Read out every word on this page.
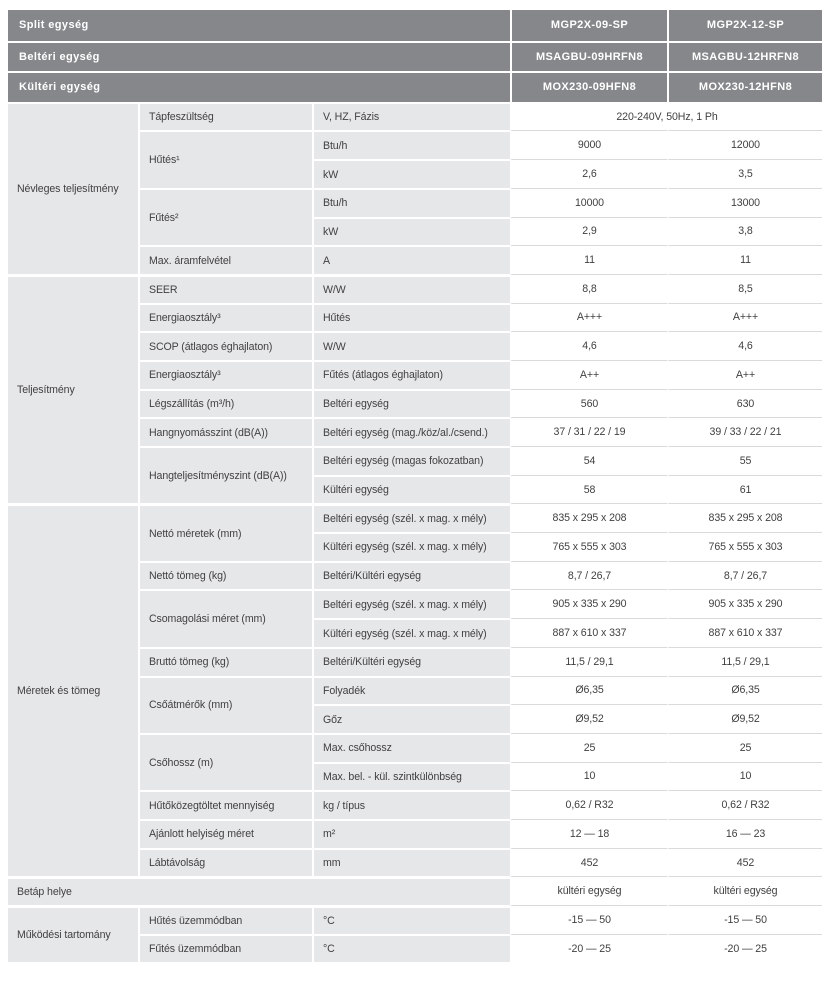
Split egység			MGP2X-09-SP	MGP2X-12-SP
Beltéri egység			MSAGBU-09HRFN8	MSAGBU-12HRFN8
Kültéri egység			MOX230-09HFN8	MOX230-12HFN8
Névleges teljesítmény	Tápfeszültség	V, HZ, Fázis	220-240V, 50Hz, 1 Ph	
	Hűtés¹	Btu/h	9000	12000
		kW	2,6	3,5
	Fűtés²	Btu/h	10000	13000
		kW	2,9	3,8
	Max. áramfelvétel	A	11	11
Teljesítmény	SEER	W/W	8,8	8,5
	Energiaosztály³	Hűtés	A+++	A+++
	SCOP (átlagos éghajlaton)	W/W	4,6	4,6
	Energiaosztály³	Fűtés (átlagos éghajlaton)	A++	A++
	Légszállítás (m³/h)	Beltéri egység	560	630
	Hangnyomásszint (dB(A))	Beltéri egység (mag./köz/al./csend.)	37 / 31 / 22 / 19	39 / 33 / 22 / 21
	Hangteljesítményszint (dB(A))	Beltéri egység (magas fokozatban)	54	55
		Kültéri egység	58	61
Méretek és tömeg	Nettó méretek (mm)	Beltéri egység (szél. x mag. x mély)	835 x 295 x 208	835 x 295 x 208
		Kültéri egység (szél. x mag. x mély)	765 x 555 x 303	765 x 555 x 303
	Nettó tömeg (kg)	Beltéri/Kültéri egység	8,7 / 26,7	8,7 / 26,7
	Csomagolási méret (mm)	Beltéri egység (szél. x mag. x mély)	905 x 335 x 290	905 x 335 x 290
		Kültéri egység (szél. x mag. x mély)	887 x 610 x 337	887 x 610 x 337
	Bruttó tömeg (kg)	Beltéri/Kültéri egység	11,5 / 29,1	11,5 / 29,1
	Csőátmérők (mm)	Folyadék	Ø6,35	Ø6,35
		Gőz	Ø9,52	Ø9,52
	Csőhossz (m)	Max. csőhossz	25	25
		Max. bel. - kül. szintkülönbség	10	10
	Hűtőközegtöltet mennyiség	kg / típus	0,62 / R32	0,62 / R32
	Ajánlott helyiség méret	m²	12 — 18	16 — 23
	Lábtávolság	mm	452	452
Betáp helye			kültéri egység	kültéri egység
Működési tartomány	Hűtés üzemmódban	°C	-15 — 50	-15 — 50
	Fűtés üzemmódban	°C	-20 — 25	-20 — 25
